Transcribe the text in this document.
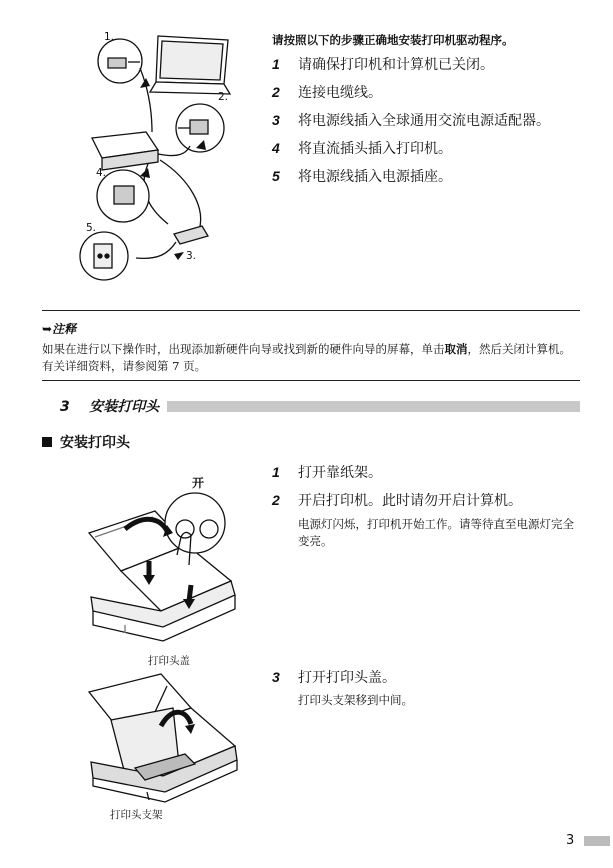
1.
2.
4.
5.
3.
请按照以下的步骤正确地安装打印机驱动程序。
1 请确保打印机和计算机已关闭。
2 连接电缆线。
3 将电源线插入全球通用交流电源适配器。
4 将直流插头插入打印机。
5 将电源线插入电源插座。
➥注释
如果在进行以下操作时，出现添加新硬件向导或找到新的硬件向导的屏幕，单击取消，然后关闭计算机。有关详细资料，请参阅第 7 页。
3 安装打印头
安装打印头
开
打印头盖
打印头支架
1 打开靠纸架。
2 开启打印机。此时请勿开启计算机。
电源灯闪烁，打印机开始工作。请等待直至电源灯完全变亮。
3 打开打印头盖。
打印头支架移到中间。
3
